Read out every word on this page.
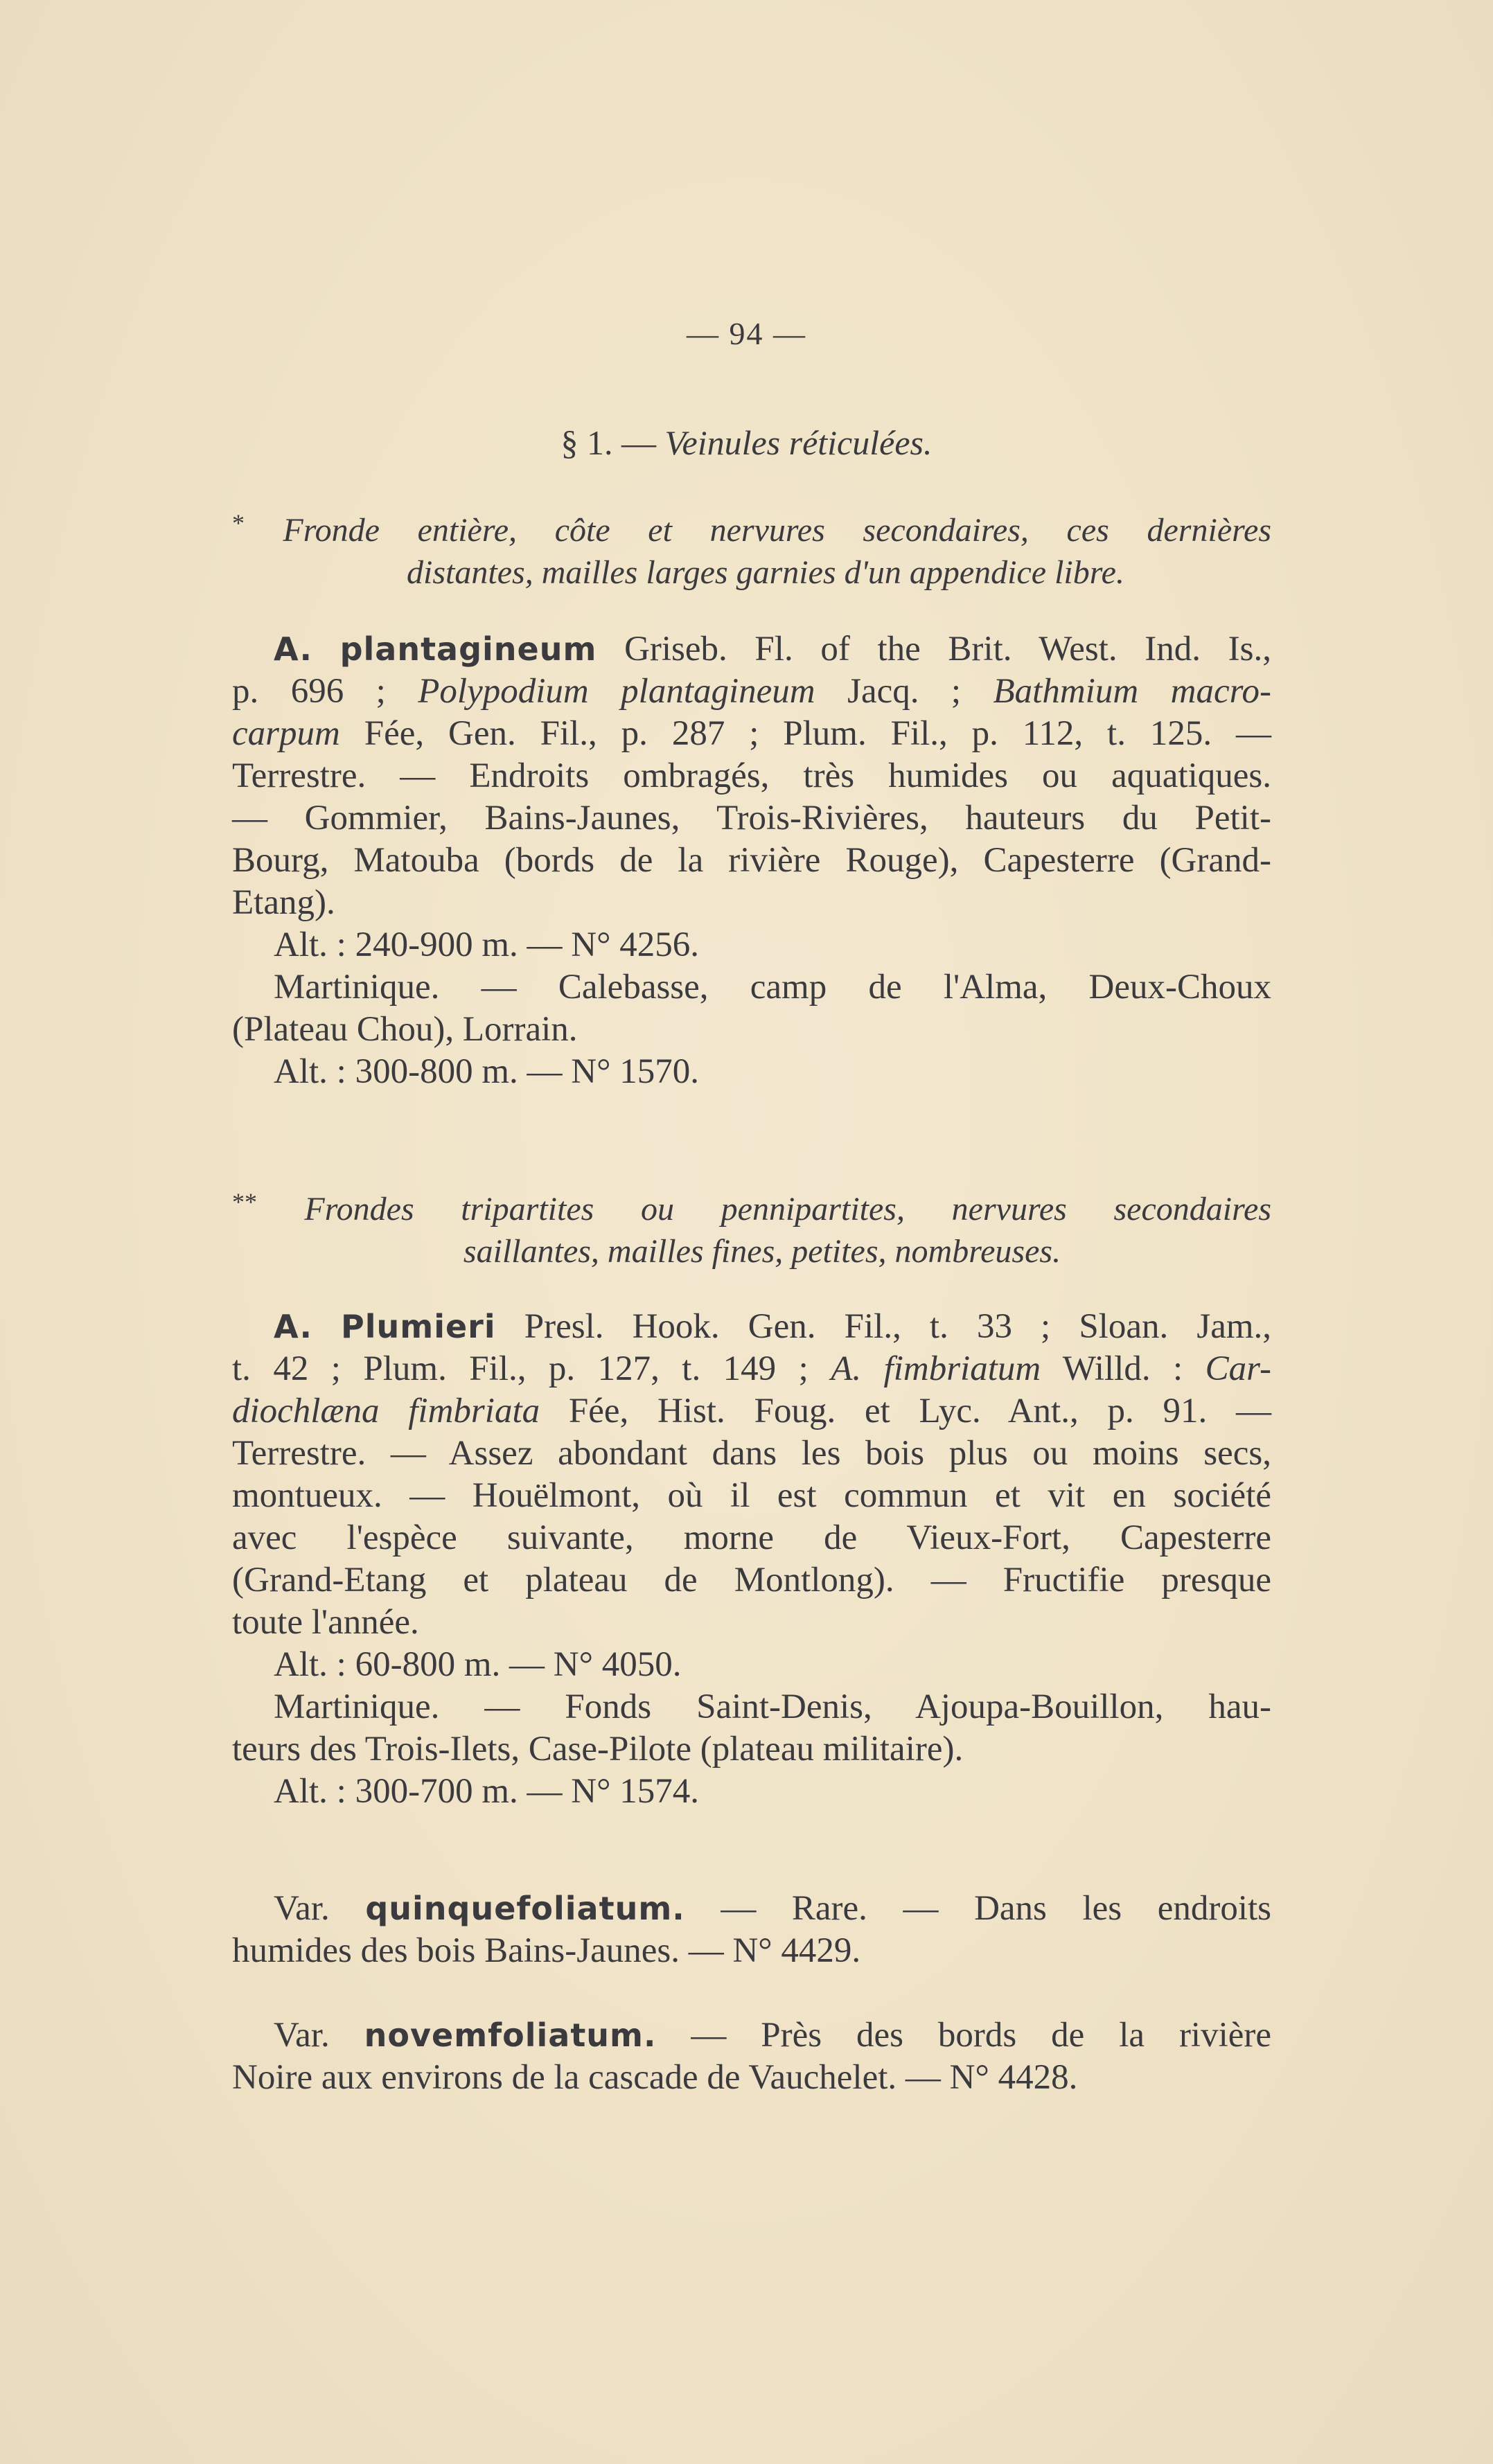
— 94 —
§ 1. — Veinules réticulées.
* Fronde entière, côte et nervures secondaires, ces dernières
distantes, mailles larges garnies d'un appendice libre.
A. plantagineum Griseb. Fl. of the Brit. West. Ind. Is.,
p. 696 ; Polypodium plantagineum Jacq. ; Bathmium macro-
carpum Fée, Gen. Fil., p. 287 ; Plum. Fil., p. 112, t. 125. —
Terrestre. — Endroits ombragés, très humides ou aquatiques.
— Gommier, Bains-Jaunes, Trois-Rivières, hauteurs du Petit-
Bourg, Matouba (bords de la rivière Rouge), Capesterre (Grand-
Etang).
Alt. : 240-900 m. — N° 4256.
Martinique. — Calebasse, camp de l'Alma, Deux-Choux
(Plateau Chou), Lorrain.
Alt. : 300-800 m. — N° 1570.
** Frondes tripartites ou pennipartites, nervures secondaires
saillantes, mailles fines, petites, nombreuses.
A. Plumieri Presl. Hook. Gen. Fil., t. 33 ; Sloan. Jam.,
t. 42 ; Plum. Fil., p. 127, t. 149 ; A. fimbriatum Willd. : Car-
diochlæna fimbriata Fée, Hist. Foug. et Lyc. Ant., p. 91. —
Terrestre. — Assez abondant dans les bois plus ou moins secs,
montueux. — Houëlmont, où il est commun et vit en société
avec l'espèce suivante, morne de Vieux-Fort, Capesterre
(Grand-Etang et plateau de Montlong). — Fructifie presque
toute l'année.
Alt. : 60-800 m. — N° 4050.
Martinique. — Fonds Saint-Denis, Ajoupa-Bouillon, hau-
teurs des Trois-Ilets, Case-Pilote (plateau militaire).
Alt. : 300-700 m. — N° 1574.
Var. quinquefoliatum. — Rare. — Dans les endroits
humides des bois Bains-Jaunes. — N° 4429.
Var. novemfoliatum. — Près des bords de la rivière
Noire aux environs de la cascade de Vauchelet. — N° 4428.
